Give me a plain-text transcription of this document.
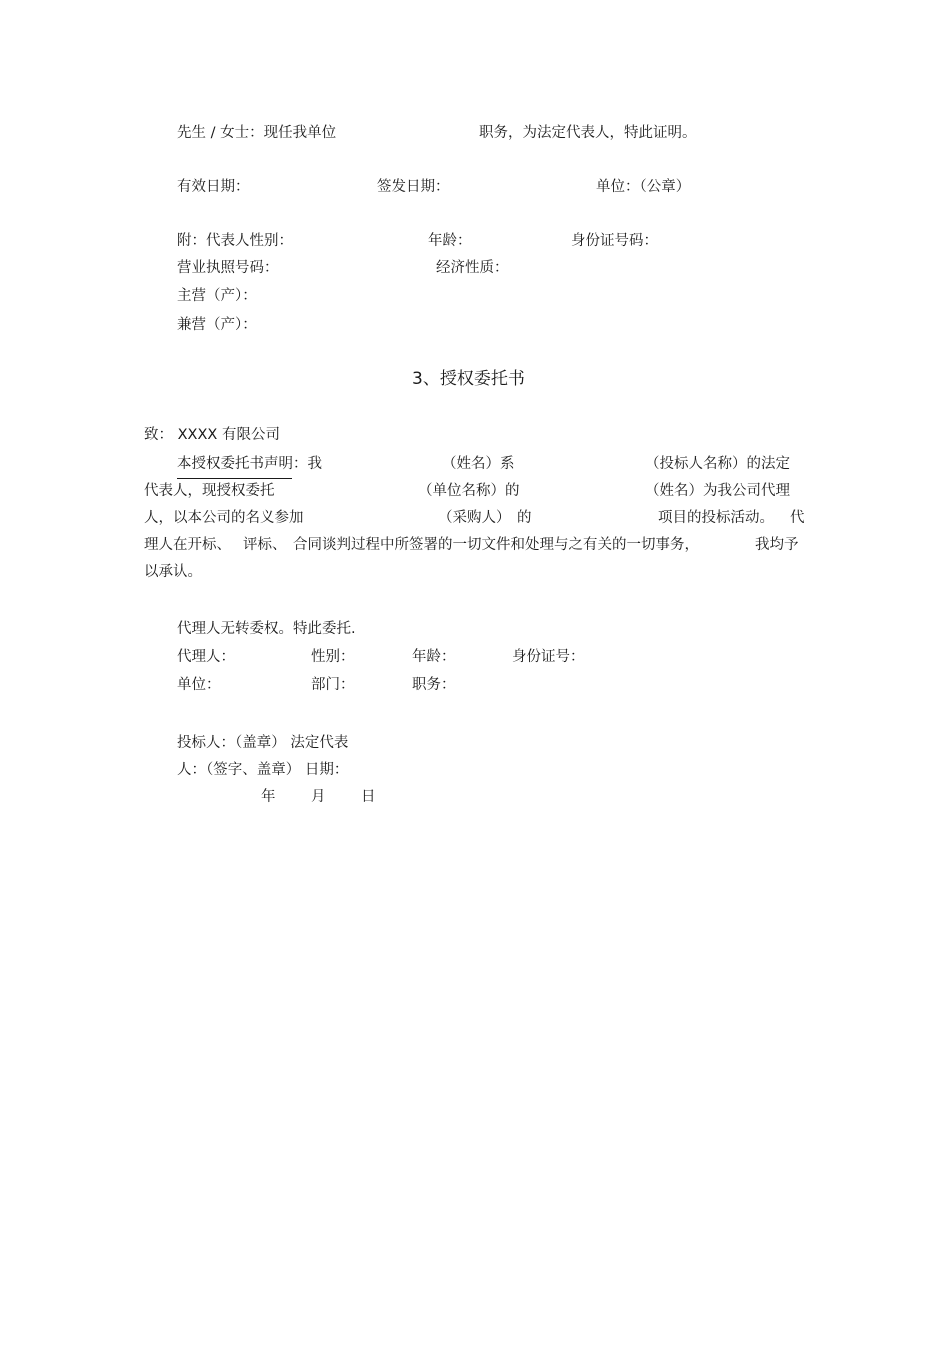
先生 / 女士：现任我单位	职务，为法定代表人，特此证明。
有效日期：	签发日期：	单位：（公章）
附：代表人性别：	年龄：	身份证号码：
营业执照号码：	经济性质：
主营（产）：
兼营（产）：
3、授权委托书
致： XXXX 有限公司
本授权委托书声明：我	（姓名）系	（投标人名称）的法定
代表人，现授权委托	（单位名称）的	（姓名）为我公司代理
人，以本公司的名义参加	（采购人） 的	项目的投标活动。 代
理人在开标、 评标、 合同谈判过程中所签署的一切文件和处理与之有关的一切事务，	我均予
以承认。
代理人无转委权。特此委托.
代理人：	性别：	年龄：	身份证号：
单位：	部门：	职务：
投标人：（盖章） 法定代表
人：（签字、盖章） 日期：
年 月 日
